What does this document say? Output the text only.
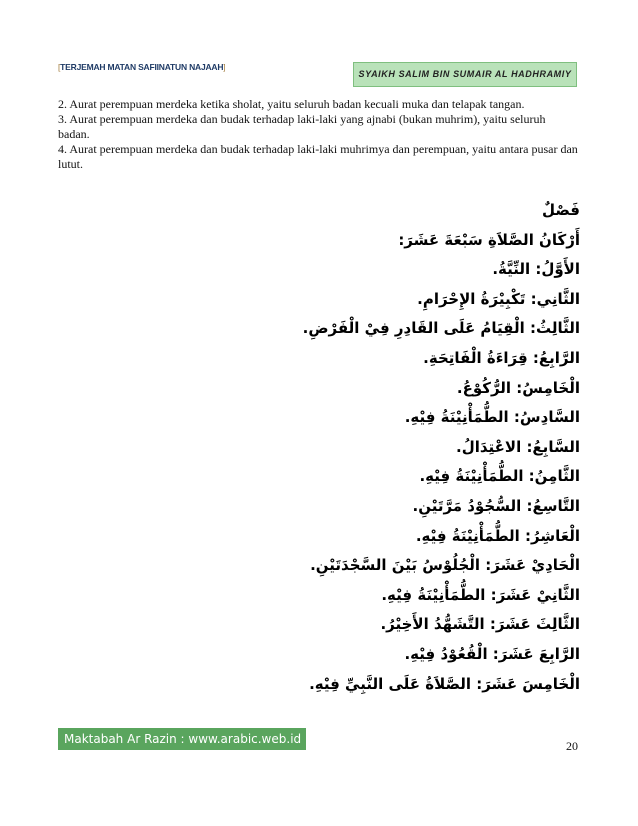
[TERJEMAH MATAN SAFIINATUN NAJAAH]
SYAIKH SALIM BIN SUMAIR AL HADHRAMIY

2. Aurat perempuan merdeka ketika sholat, yaitu seluruh badan kecuali muka dan telapak tangan.

3. Aurat perempuan merdeka dan budak terhadap laki-laki yang ajnabi (bukan muhrim), yaitu seluruh badan.

4. Aurat perempuan merdeka dan budak terhadap laki-laki muhrimya dan perempuan, yaitu antara pusar dan lutut.

فَصْلٌ
أَرْكَانُ الصَّلاَةِ سَبْعَةَ عَشَرَ:
الأَوَّلُ: النِّيَّةُ.
الثَّانِي: تَكْبِيْرَةُ الإِحْرَامِ.
الثَّالِثُ: الْقِيَامُ عَلَى القَادِرِ فِيْ الْفَرْضِ.
الرَّابِعُ: قِرَاءَةُ الْفَاتِحَةِ.
الْخَامِسُ: الرُّكُوْعُ.
السَّادِسُ: الطُّمَأْنِيْنَةُ فِيْهِ.
السَّابِعُ: الاعْتِدَالُ.
الثَّامِنُ: الطُّمَأْنِيْنَةُ فِيْهِ.
التَّاسِعُ: السُّجُوْدُ مَرَّتَيْنِ.
الْعَاشِرُ: الطُّمَأْنِيْنَةُ فِيْهِ.
الْحَادِيْ عَشَرَ: الْجُلُوْسُ بَيْنَ السَّجْدَتَيْنِ.
الثَّانِيْ عَشَرَ: الطُّمَأْنِيْنَةُ فِيْهِ.
الثَّالِثَ عَشَرَ: التَّشَهُّدُ الأَخِيْرُ.
الرَّابِعَ عَشَرَ: الْقُعُوْدُ فِيْهِ.
الْخَامِسَ عَشَرَ: الصَّلاَةُ عَلَى النَّبِيِّ فِيْهِ.
Maktabah Ar Razin : www.arabic.web.id	20
